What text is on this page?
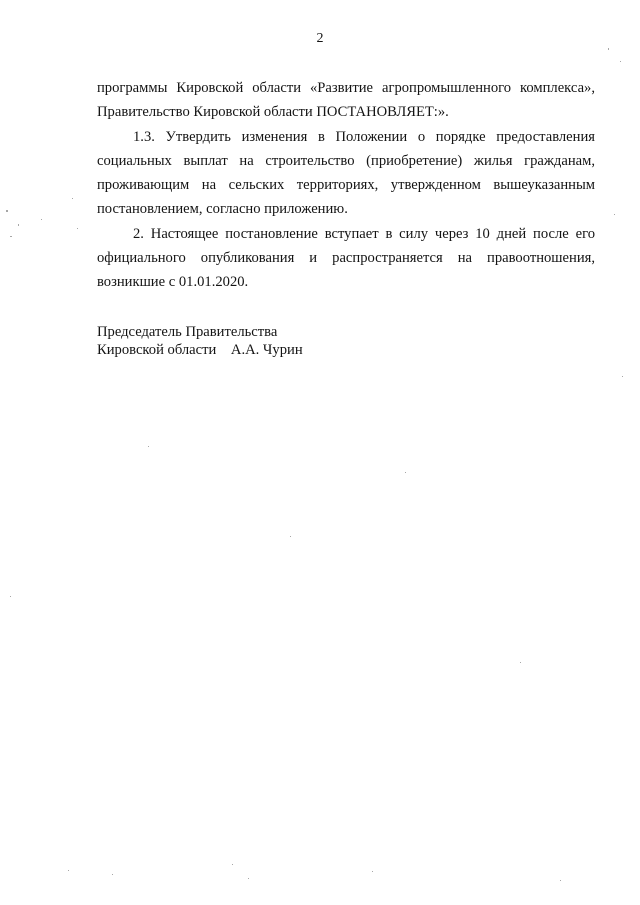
2

программы Кировской области «Развитие агропромышленного комплекса», Правительство Кировской области ПОСТАНОВЛЯЕТ:».

1.3. Утвердить изменения в Положении о порядке предоставления социальных выплат на строительство (приобретение) жилья гражданам, проживающим на сельских территориях, утвержденном вышеуказанным постановлением, согласно приложению.

2. Настоящее постановление вступает в силу через 10 дней после его официального опубликования и распространяется на правоотношения, возникшие с 01.01.2020.

Председатель Правительства

Кировской области А.А. Чурин
